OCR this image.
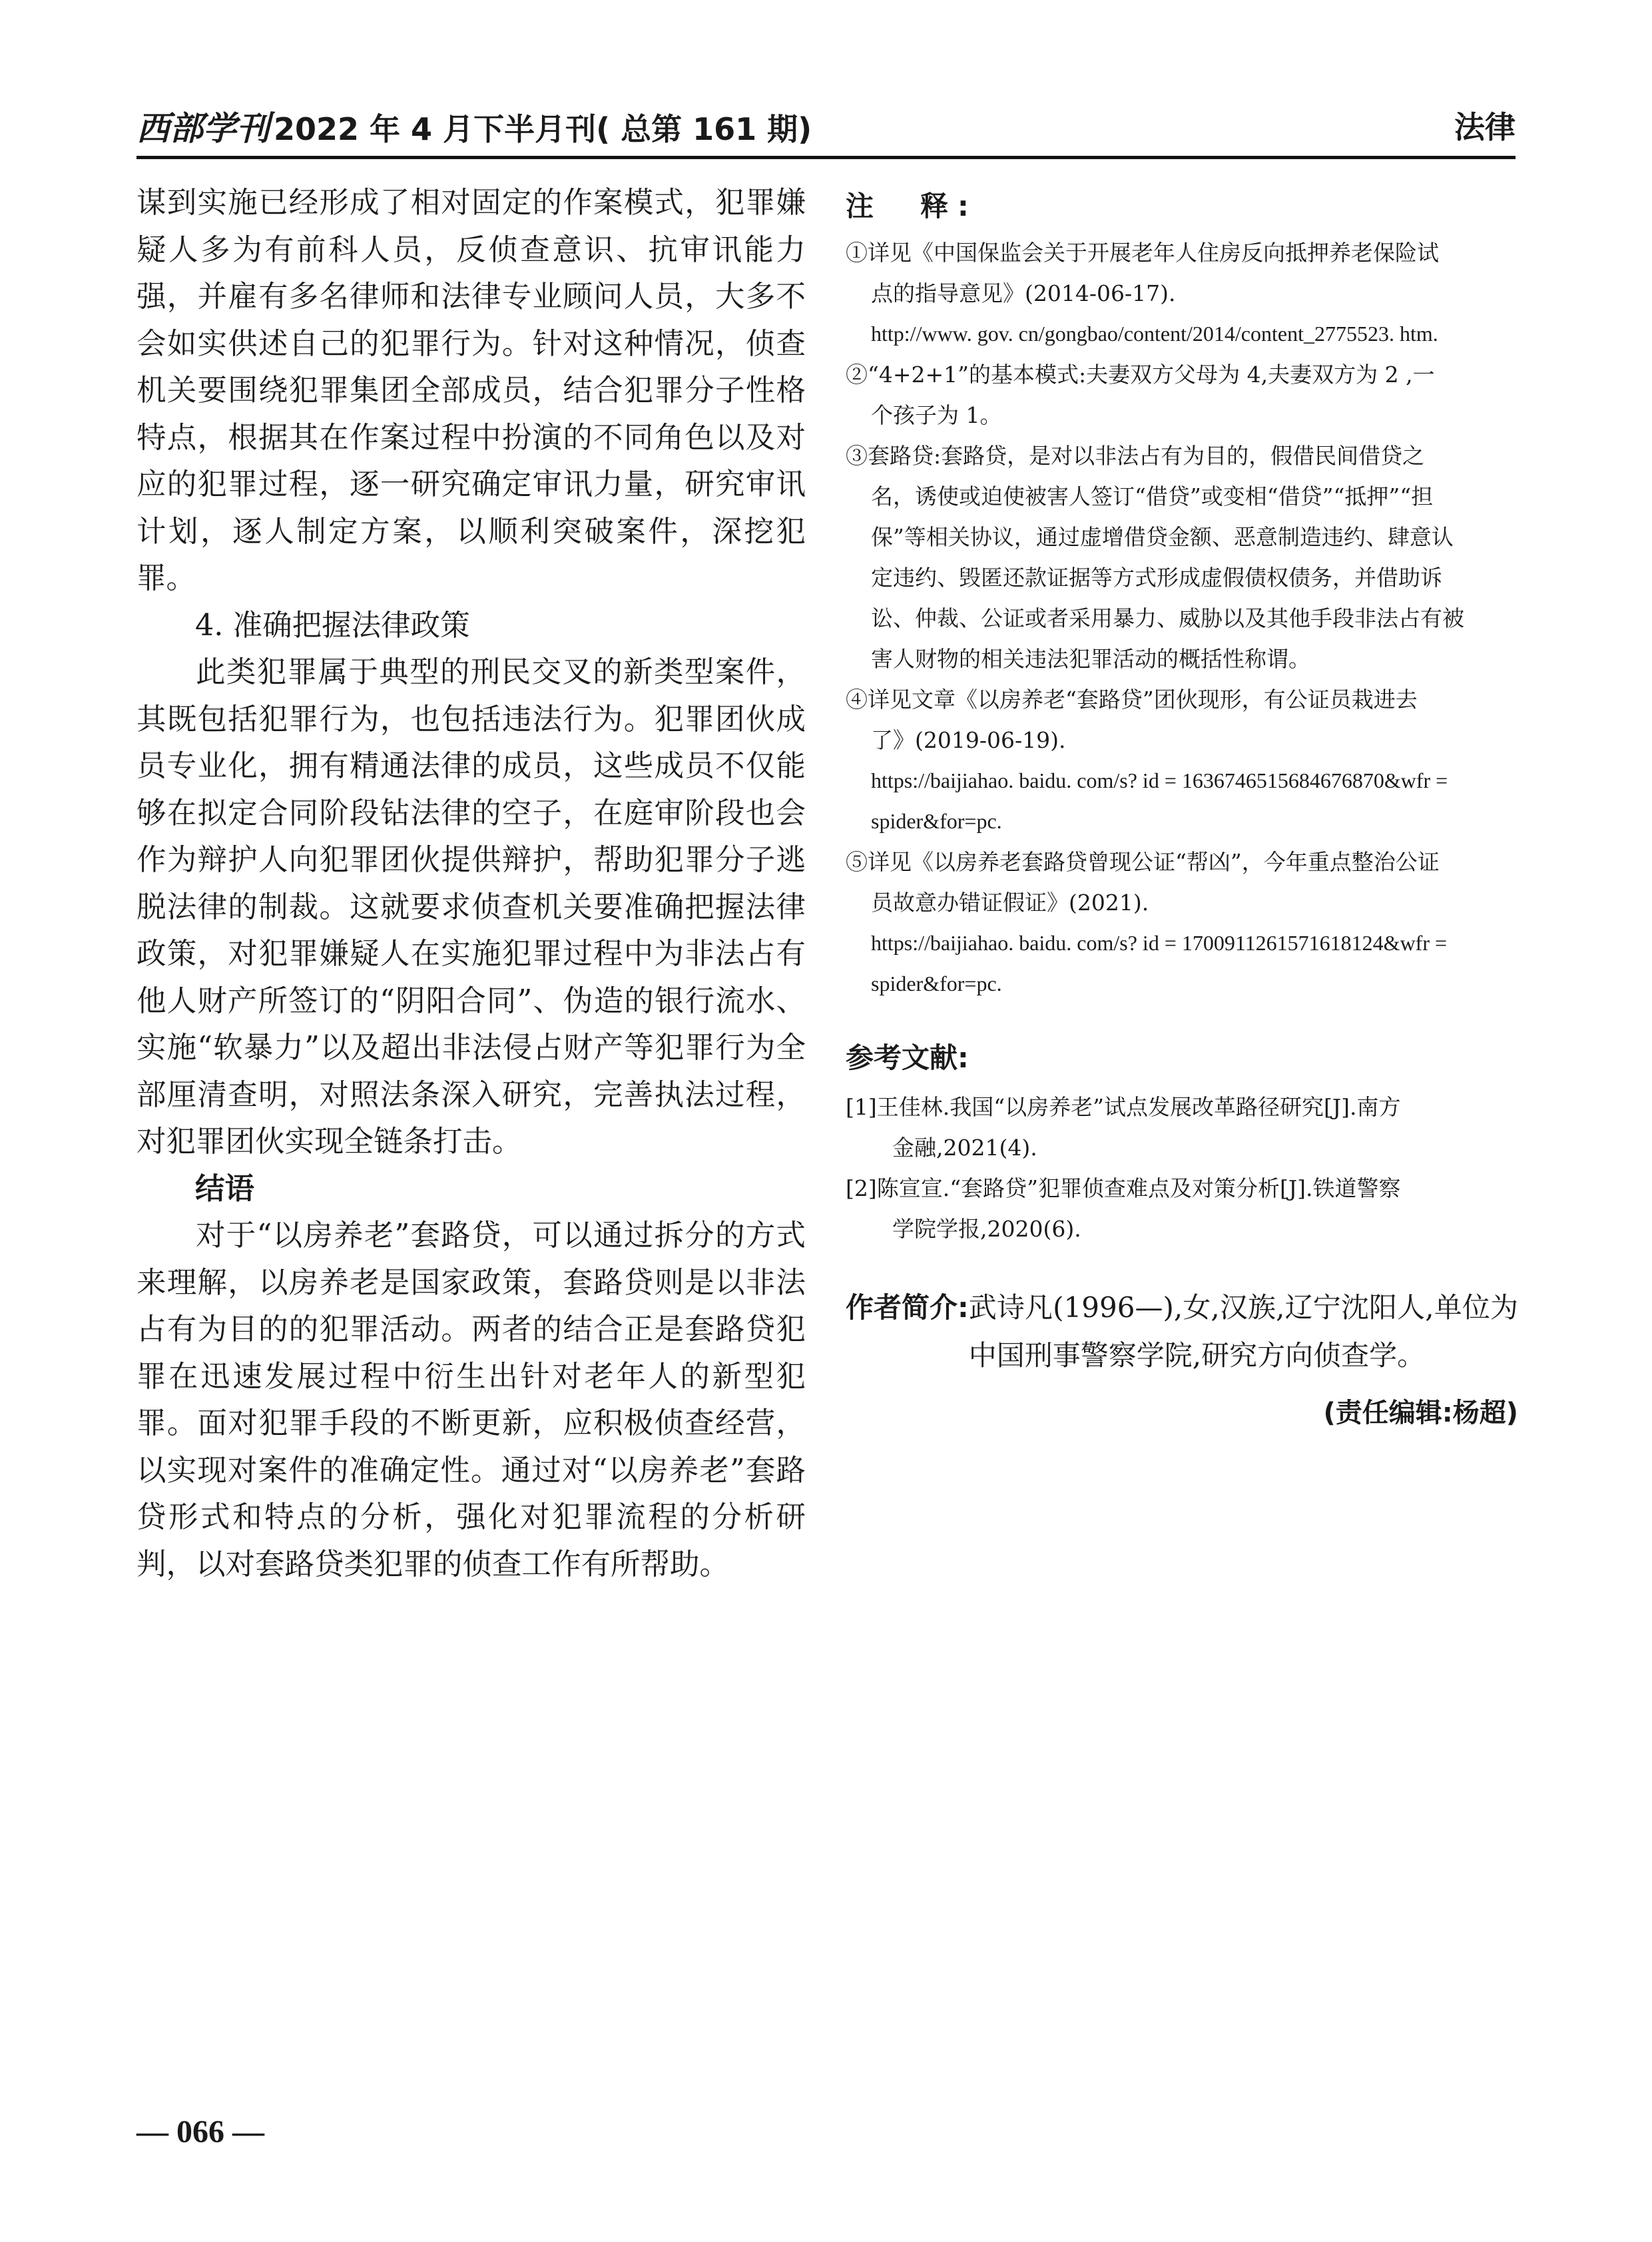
西部学刊 2022 年 4 月下半月刊( 总第 161 期)	法律

谋到实施已经形成了相对固定的作案模式，犯罪嫌疑人多为有前科人员，反侦查意识、抗审讯能力强，并雇有多名律师和法律专业顾问人员，大多不会如实供述自己的犯罪行为。针对这种情况，侦查机关要围绕犯罪集团全部成员，结合犯罪分子性格特点，根据其在作案过程中扮演的不同角色以及对应的犯罪过程，逐一研究确定审讯力量，研究审讯计划，逐人制定方案，以顺利突破案件，深挖犯罪。

4. 准确把握法律政策

此类犯罪属于典型的刑民交叉的新类型案件，其既包括犯罪行为，也包括违法行为。犯罪团伙成员专业化，拥有精通法律的成员，这些成员不仅能够在拟定合同阶段钻法律的空子，在庭审阶段也会作为辩护人向犯罪团伙提供辩护，帮助犯罪分子逃脱法律的制裁。这就要求侦查机关要准确把握法律政策，对犯罪嫌疑人在实施犯罪过程中为非法占有他人财产所签订的“阴阳合同”、伪造的银行流水、实施“软暴力”以及超出非法侵占财产等犯罪行为全部厘清查明，对照法条深入研究，完善执法过程，对犯罪团伙实现全链条打击。

结语

对于“以房养老”套路贷，可以通过拆分的方式来理解，以房养老是国家政策，套路贷则是以非法占有为目的的犯罪活动。两者的结合正是套路贷犯罪在迅速发展过程中衍生出针对老年人的新型犯罪。面对犯罪手段的不断更新，应积极侦查经营，以实现对案件的准确定性。通过对“以房养老”套路贷形式和特点的分析，强化对犯罪流程的分析研判，以对套路贷类犯罪的侦查工作有所帮助。

注　释:
①详见《中国保监会关于开展老年人住房反向抵押养老保险试
点的指导意见》(2014-06-17).
http://www. gov. cn/gongbao/content/2014/content_2775523. htm.
②“4+2+1”的基本模式:夫妻双方父母为 4,夫妻双方为 2 ,一
个孩子为 1。
③套路贷:套路贷，是对以非法占有为目的，假借民间借贷之
名，诱使或迫使被害人签订“借贷”或变相“借贷”“抵押”“担
保”等相关协议，通过虚增借贷金额、恶意制造违约、肆意认
定违约、毁匿还款证据等方式形成虚假债权债务，并借助诉
讼、仲裁、公证或者采用暴力、威胁以及其他手段非法占有被
害人财物的相关违法犯罪活动的概括性称谓。
④详见文章《以房养老“套路贷”团伙现形，有公证员栽进去
了》(2019-06-19).
https://baijiahao. baidu. com/s? id = 1636746515684676870&wfr =
spider&for=pc.
⑤详见《以房养老套路贷曾现公证“帮凶”，今年重点整治公证
员故意办错证假证》(2021).
https://baijiahao. baidu. com/s? id = 1700911261571618124&wfr =
spider&for=pc.
参考文献:
[1]王佳林.我国“以房养老”试点发展改革路径研究[J].南方
金融,2021(4).
[2]陈宣宣.“套路贷”犯罪侦查难点及对策分析[J].铁道警察
学院学报,2020(6).
作者简介: 武诗凡(1996—),女,汉族,辽宁沈阳人,单位为中国刑事警察学院,研究方向侦查学。
(责任编辑:杨超)
— 066 —
